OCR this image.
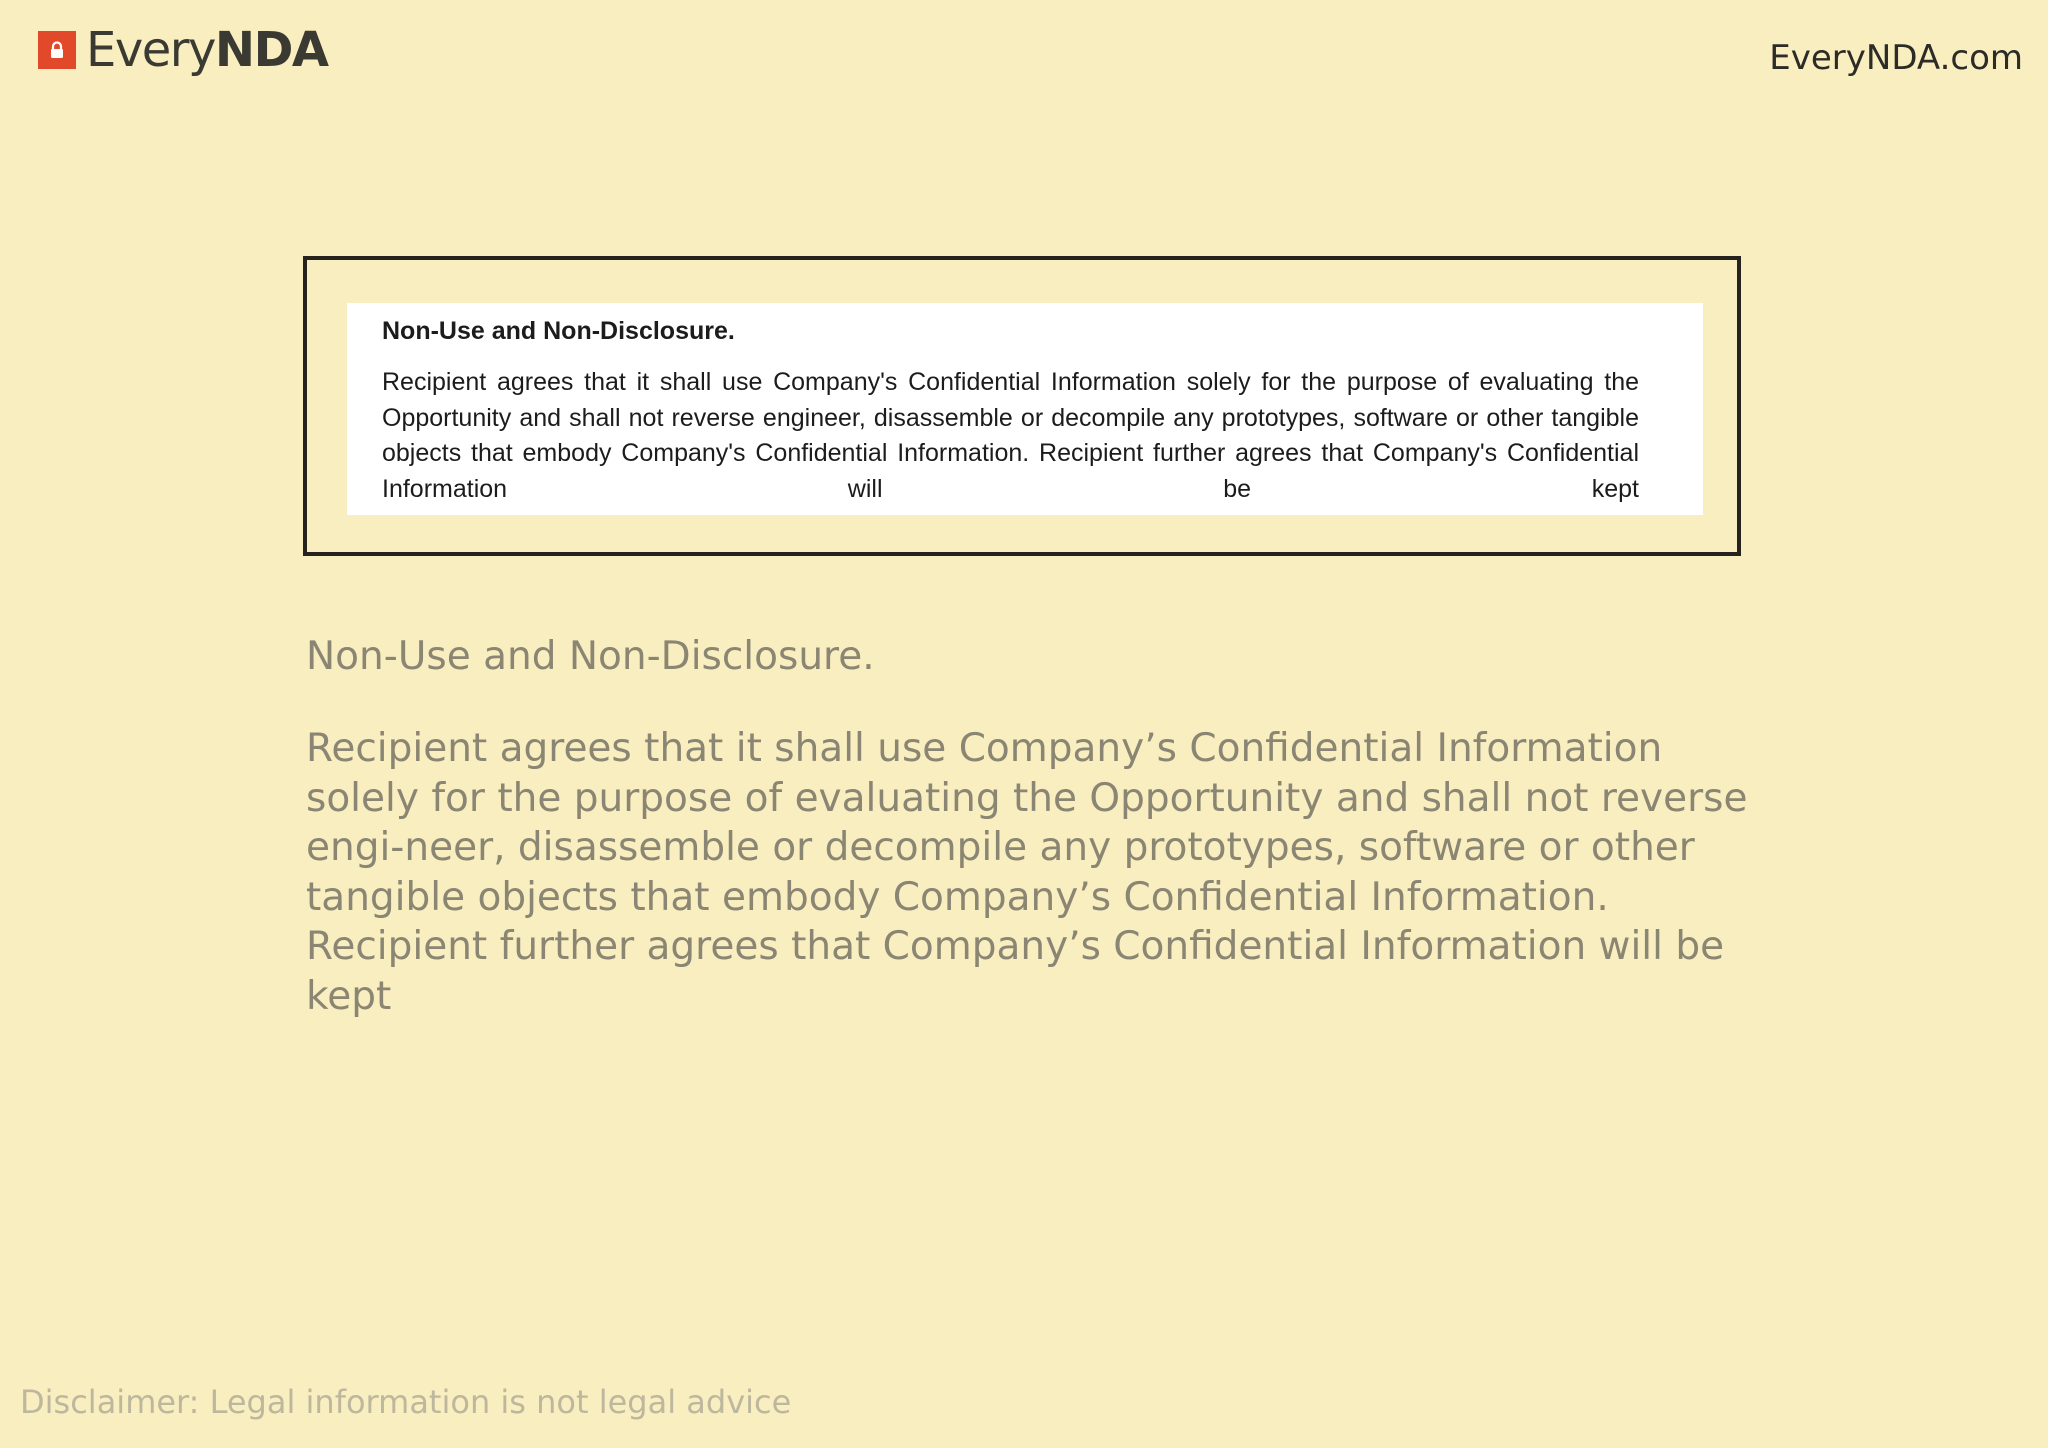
EveryNDA	EveryNDA.com

Non-Use and Non-Disclosure.

Recipient agrees that it shall use Company's Confidential Information solely for the purpose of evaluating the Opportunity and shall not reverse engineer, disassemble or decompile any prototypes, software or other tangible objects that embody Company's Confidential Information. Recipient further agrees that Company's Confidential Information will be kept

Non-Use and Non-Disclosure.

Recipient agrees that it shall use Company’s Confidential Information solely for the purpose of evaluating the Opportunity and shall not reverse engi-neer, disassemble or decompile any prototypes, software or other tangible objects that embody Company’s Confidential Information. Recipient further agrees that Company’s Confidential Information will be kept

Disclaimer: Legal information is not legal advice
